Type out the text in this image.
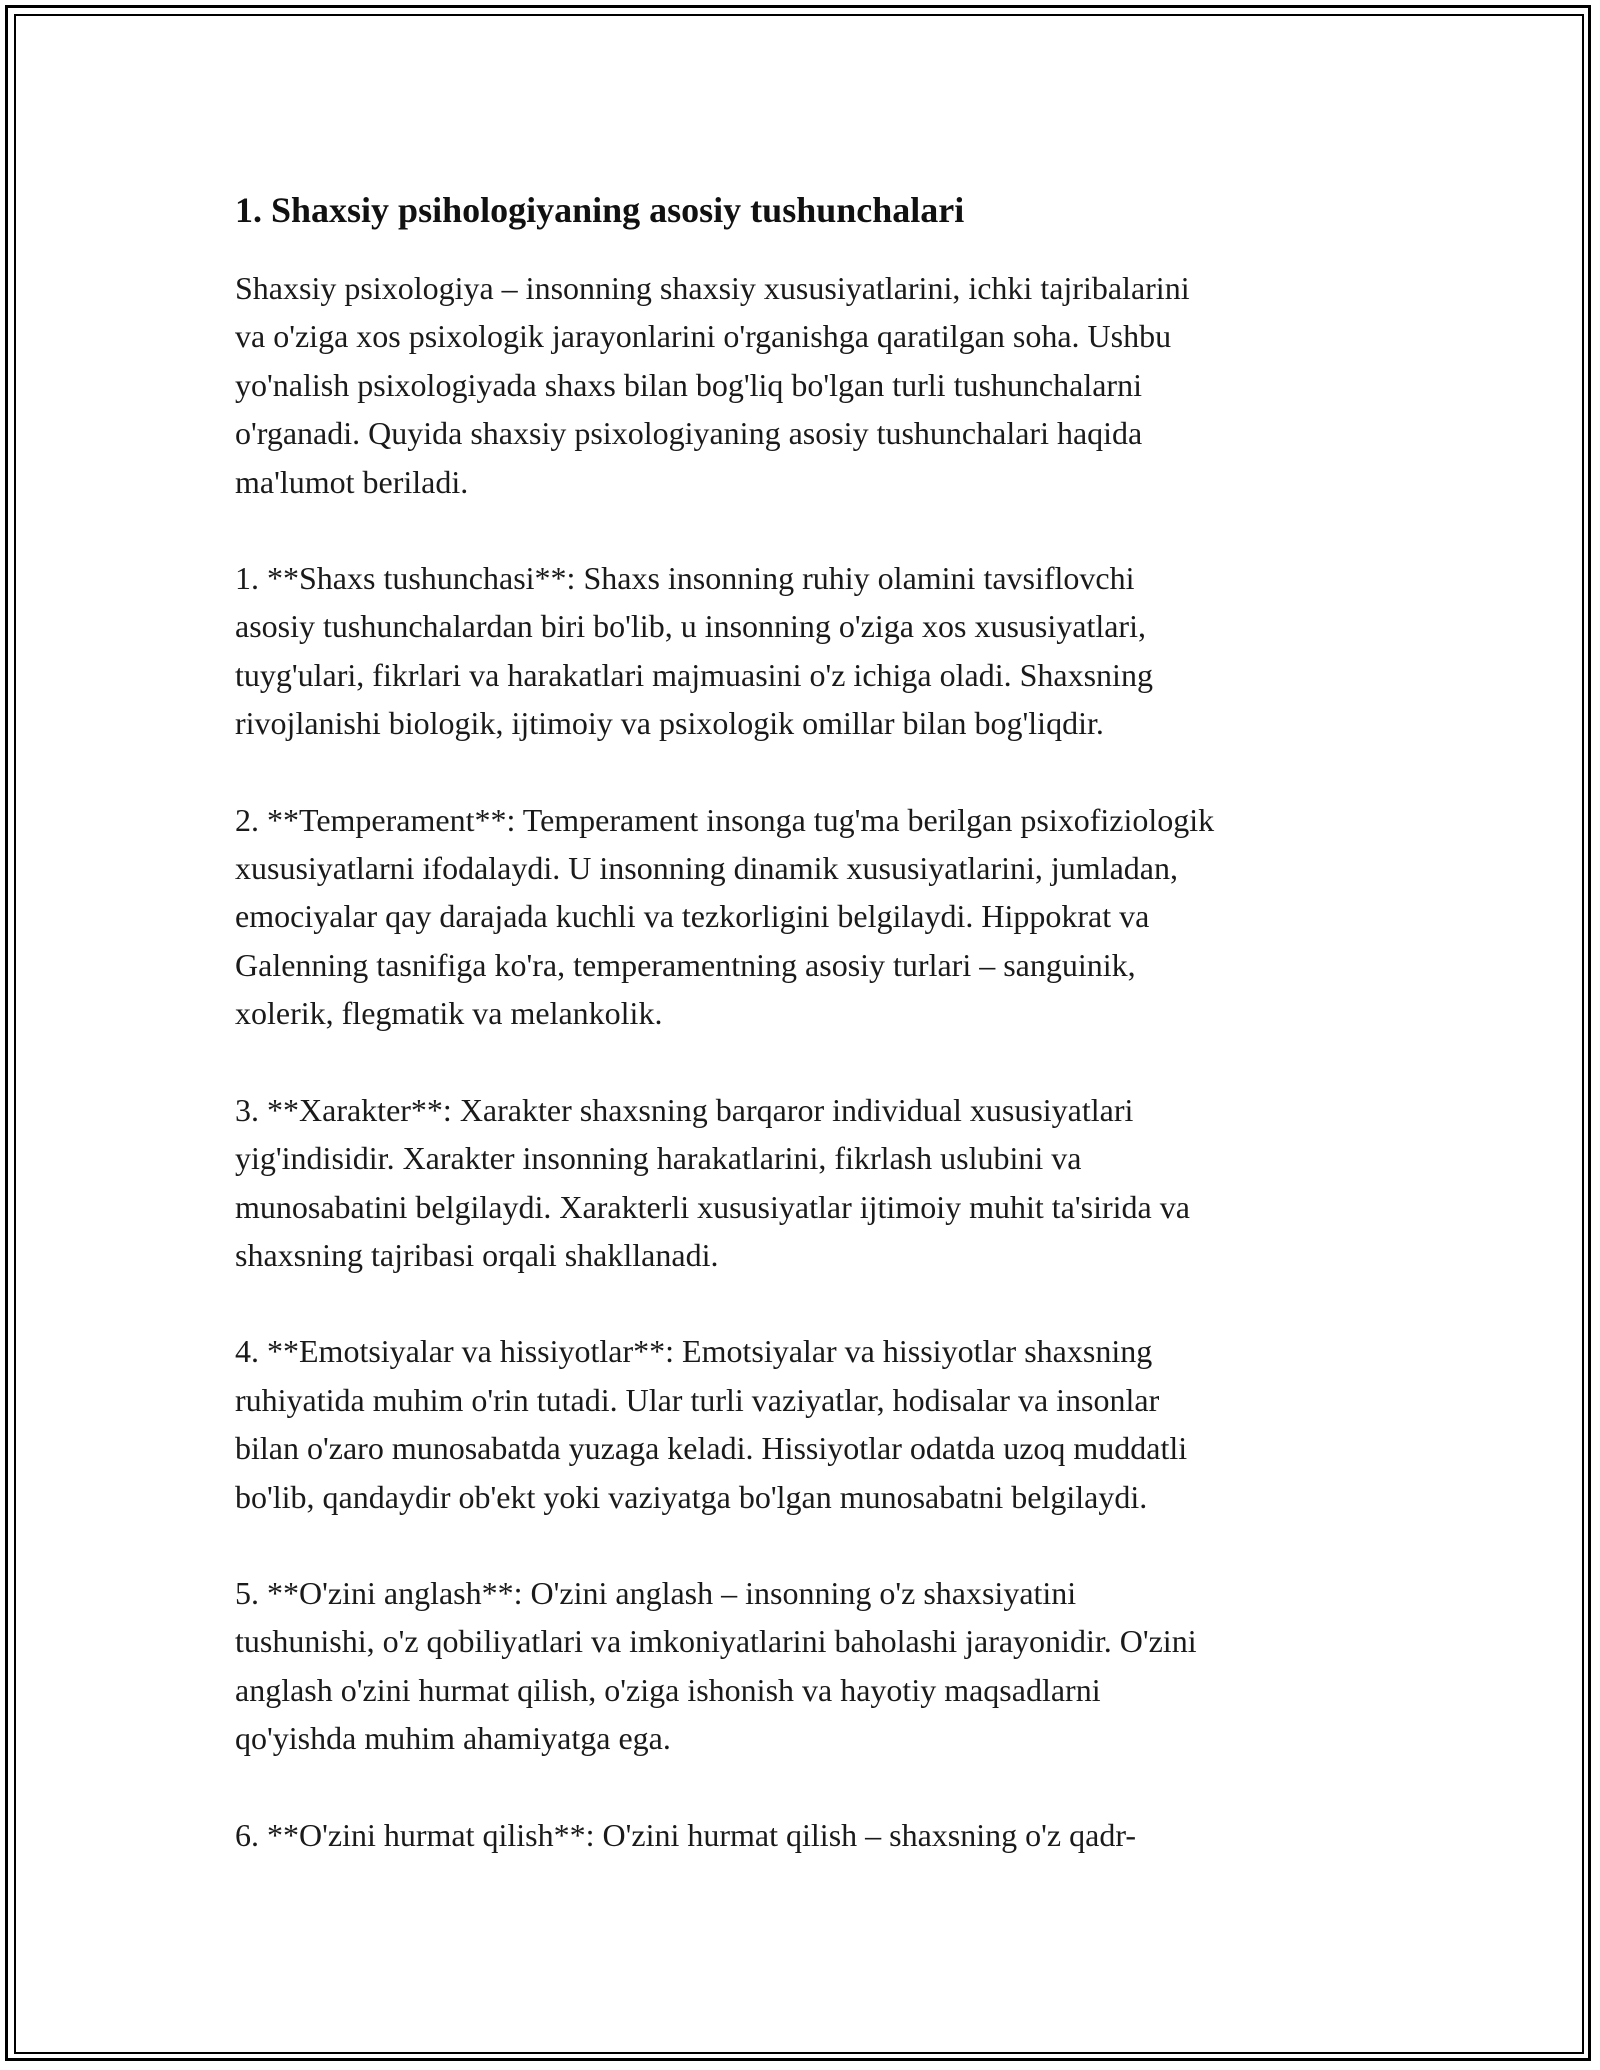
1. Shaxsiy psihologiyaning asosiy tushunchalari

Shaxsiy psixologiya – insonning shaxsiy xususiyatlarini, ichki tajribalarini
va o'ziga xos psixologik jarayonlarini o'rganishga qaratilgan soha. Ushbu
yo'nalish psixologiyada shaxs bilan bog'liq bo'lgan turli tushunchalarni
o'rganadi. Quyida shaxsiy psixologiyaning asosiy tushunchalari haqida
ma'lumot beriladi.

1. **Shaxs tushunchasi**: Shaxs insonning ruhiy olamini tavsiflovchi
asosiy tushunchalardan biri bo'lib, u insonning o'ziga xos xususiyatlari,
tuyg'ulari, fikrlari va harakatlari majmuasini o'z ichiga oladi. Shaxsning
rivojlanishi biologik, ijtimoiy va psixologik omillar bilan bog'liqdir.

2. **Temperament**: Temperament insonga tug'ma berilgan psixofiziologik
xususiyatlarni ifodalaydi. U insonning dinamik xususiyatlarini, jumladan,
emociyalar qay darajada kuchli va tezkorligini belgilaydi. Hippokrat va
Galenning tasnifiga ko'ra, temperamentning asosiy turlari – sanguinik,
xolerik, flegmatik va melankolik.

3. **Xarakter**: Xarakter shaxsning barqaror individual xususiyatlari
yig'indisidir. Xarakter insonning harakatlarini, fikrlash uslubini va
munosabatini belgilaydi. Xarakterli xususiyatlar ijtimoiy muhit ta'sirida va
shaxsning tajribasi orqali shakllanadi.

4. **Emotsiyalar va hissiyotlar**: Emotsiyalar va hissiyotlar shaxsning
ruhiyatida muhim o'rin tutadi. Ular turli vaziyatlar, hodisalar va insonlar
bilan o'zaro munosabatda yuzaga keladi. Hissiyotlar odatda uzoq muddatli
bo'lib, qandaydir ob'ekt yoki vaziyatga bo'lgan munosabatni belgilaydi.

5. **O'zini anglash**: O'zini anglash – insonning o'z shaxsiyatini
tushunishi, o'z qobiliyatlari va imkoniyatlarini baholashi jarayonidir. O'zini
anglash o'zini hurmat qilish, o'ziga ishonish va hayotiy maqsadlarni
qo'yishda muhim ahamiyatga ega.

6. **O'zini hurmat qilish**: O'zini hurmat qilish – shaxsning o'z qadr-
